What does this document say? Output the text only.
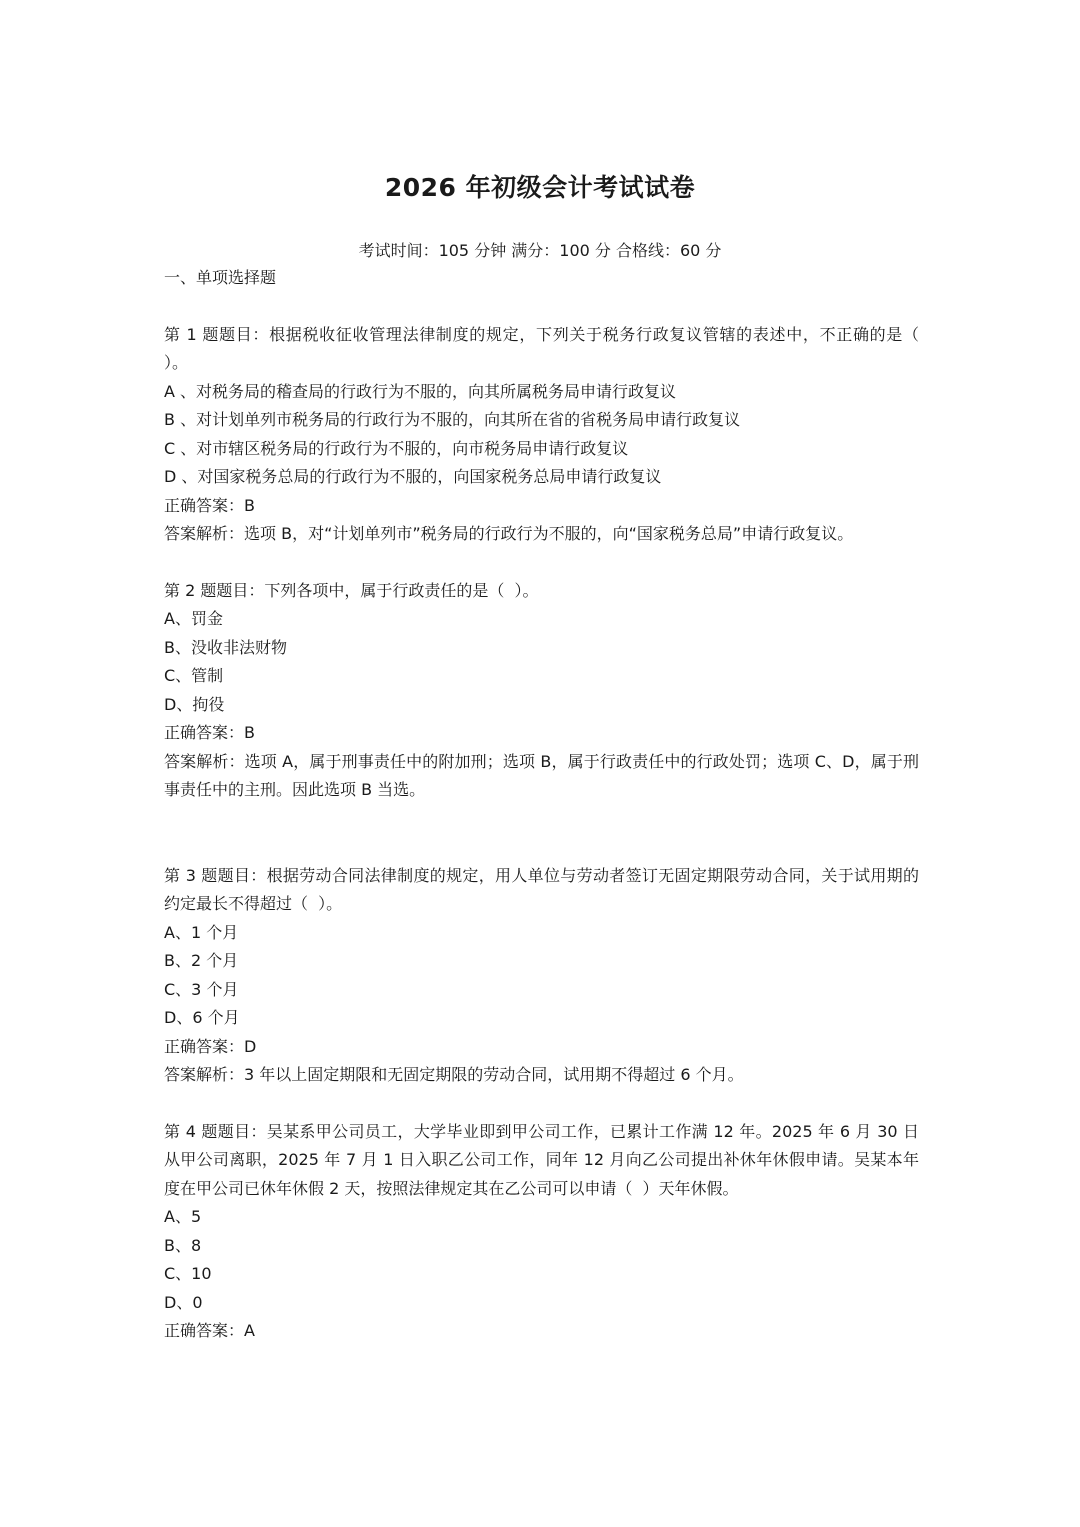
2026 年初级会计考试试卷
考试时间：105 分钟 满分：100 分 合格线：60 分
一、单项选择题
第 1 题题目：根据税收征收管理法律制度的规定，下列关于税务行政复议管辖的表述中，不正确的是（  ）。
A 、对税务局的稽查局的行政行为不服的，向其所属税务局申请行政复议
B 、对计划单列市税务局的行政行为不服的，向其所在省的省税务局申请行政复议
C 、对市辖区税务局的行政行为不服的，向市税务局申请行政复议
D 、对国家税务总局的行政行为不服的，向国家税务总局申请行政复议
正确答案：B
答案解析：选项 B，对“计划单列市”税务局的行政行为不服的，向“国家税务总局”申请行政复议。
第 2 题题目：下列各项中，属于行政责任的是（  ）。
A、罚金
B、没收非法财物
C、管制
D、拘役
正确答案：B
答案解析：选项 A，属于刑事责任中的附加刑；选项 B，属于行政责任中的行政处罚；选项 C、D，属于刑事责任中的主刑。因此选项 B 当选。
第 3 题题目：根据劳动合同法律制度的规定，用人单位与劳动者签订无固定期限劳动合同，关于试用期的约定最长不得超过（  ）。
A、1 个月
B、2 个月
C、3 个月
D、6 个月
正确答案：D
答案解析：3 年以上固定期限和无固定期限的劳动合同，试用期不得超过 6 个月。
第 4 题题目：吴某系甲公司员工，大学毕业即到甲公司工作，已累计工作满 12 年。2025 年 6 月 30 日从甲公司离职，2025 年 7 月 1 日入职乙公司工作，同年 12 月向乙公司提出补休年休假申请。吴某本年度在甲公司已休年休假 2 天，按照法律规定其在乙公司可以申请（  ）天年休假。
A、5
B、8
C、10
D、0
正确答案：A
